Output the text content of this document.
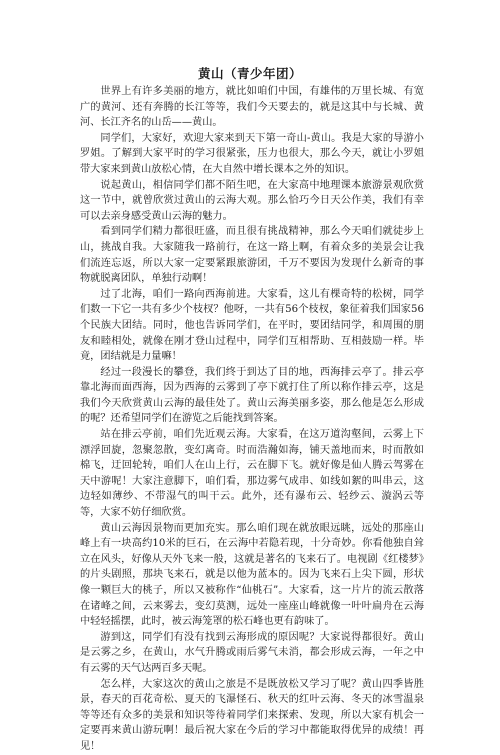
黄山（青少年团）

世界上有许多美丽的地方，就比如咱们中国，有雄伟的万里长城、有宽广的黄河、还有奔腾的长江等等，我们今天要去的，就是这其中与长城、黄河、长江齐名的山岳——黄山。

同学们，大家好，欢迎大家来到天下第一奇山-黄山。我是大家的导游小罗姐。了解到大家平时的学习很紧张，压力也很大，那么今天，就让小罗姐带大家来到黄山放松心情，在大自然中增长课本之外的知识。

说起黄山，相信同学们都不陌生吧，在大家高中地理课本旅游景观欣赏这一节中，就曾欣赏过黄山的云海大观。那么恰巧今日天公作美，我们有幸可以去亲身感受黄山云海的魅力。

看到同学们精力都很旺盛，而且很有挑战精神，那么今天咱们就徒步上山，挑战自我。大家随我一路前行，在这一路上啊，有着众多的美景会让我们流连忘返，所以大家一定要紧跟旅游团，千万不要因为发现什么新奇的事物就脱离团队，单独行动啊！

过了北海，咱们一路向西海前进。大家看，这儿有棵奇特的松树，同学们数一下它一共有多少个枝杈？他呀，一共有56个枝杈，象征着我们国家56个民族大团结。同时，他也告诉同学们，在平时，要团结同学，和周围的朋友和睦相处，就像在刚才登山过程中，同学们互相帮助、互相鼓励一样。毕竟，团结就是力量嘛！

经过一段漫长的攀登，我们终于到达了目的地，西海排云亭了。排云亭靠北海而面西海，因为西海的云雾到了亭下就打住了所以称作排云亭，这是我们今天欣赏黄山云海的最佳处了。黄山云海美丽多姿，那么他是怎么形成的呢？还希望同学们在游览之后能找到答案。

站在排云亭前，咱们先近观云海。大家看，在这万道沟壑间，云雾上下漂浮回旋，忽聚忽散，变幻离奇。时而浩瀚如海，铺天盖地而来，时而散如棉飞，迂回轮转，咱们人在山上行，云在脚下飞。就好像是仙人腾云驾雾在天中游呢！大家注意脚下，咱们看，那边雾气成串、如线如絮的叫串云，这边轻如薄纱、不带湿气的叫干云。此外，还有瀑布云、轻纱云、漩涡云等等，大家不妨仔细欣赏。

黄山云海因景物而更加充实。那么咱们现在就放眼远眺，远处的那座山峰上有一块高约10米的巨石，在云海中若隐若现，十分奇妙。你看他独自耸立在风头，好像从天外飞来一般，这就是著名的飞来石了。电视剧《红楼梦》的片头剧照，那块飞来石，就是以他为蓝本的。因为飞来石上尖下圆，形状像一颗巨大的桃子，所以又被称作“仙桃石”。大家看，这一片片的流云散落在诸峰之间，云来雾去，变幻莫测，远处一座座山峰就像一叶叶扁舟在云海中轻轻摇摆，此时，被云海笼罩的松石峰也更有韵味了。

游到这，同学们有没有找到云海形成的原因呢？大家说得都很好。黄山是云雾之乡，在黄山，水气升腾或雨后雾气未消，都会形成云海，一年之中有云雾的天气达两百多天呢。

怎么样，大家这次的黄山之旅是不是既放松又学习了呢？黄山四季皆胜景，春天的百花奇松、夏天的飞瀑怪石、秋天的红叶云海、冬天的冰雪温泉等等还有众多的美景和知识等待着同学们来探索、发现，所以大家有机会一定要再来黄山游玩啊！最后祝大家在今后的学习中都能取得优异的成绩！再见！
